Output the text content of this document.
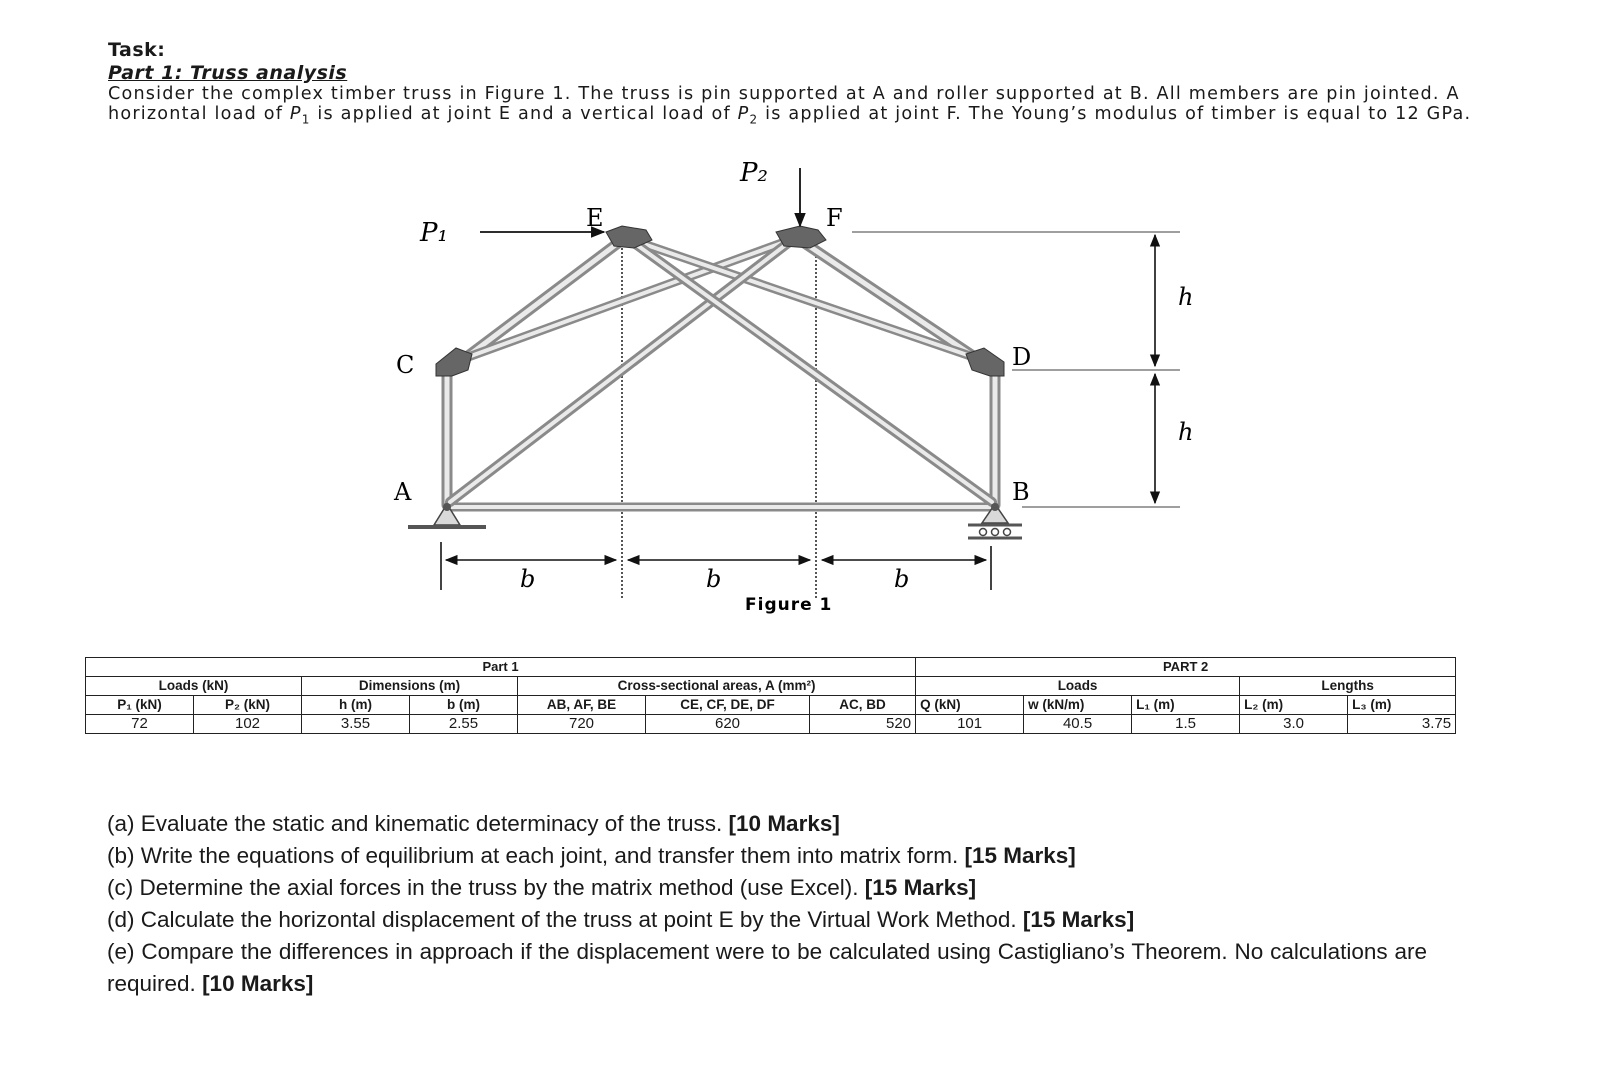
Task:
Part 1: Truss analysis

Consider the complex timber truss in Figure 1. The truss is pin supported at A and roller supported at B. All members are pin jointed. A horizontal load of $P_1$ is applied at joint E and a vertical load of $P_2$ is applied at joint F. The Young’s modulus of timber is equal to 12 GPa.

P₁
P₂
E	F
C	D
A	B
h
h
b	b	b
Figure 1
Part 1							PART 2				
Loads (kN)		Dimensions (m)		Cross-sectional areas, A (mm²)			Loads			Lengths	
P₁ (kN)	P₂ (kN)	h (m)	b (m)	AB, AF, BE	CE, CF, DE, DF	AC, BD	Q (kN)	w (kN/m)	L₁ (m)	L₂ (m)	L₃ (m)
72	102	3.55	2.55	720	620	520	101	40.5	1.5	3.0	3.75

(a) Evaluate the static and kinematic determinacy of the truss. [10 Marks]

(b) Write the equations of equilibrium at each joint, and transfer them into matrix form. [15 Marks]

(c) Determine the axial forces in the truss by the matrix method (use Excel). [15 Marks]

(d) Calculate the horizontal displacement of the truss at point E by the Virtual Work Method. [15 Marks]

(e) Compare the differences in approach if the displacement were to be calculated using Castigliano’s Theorem. No calculations are required. [10 Marks]
